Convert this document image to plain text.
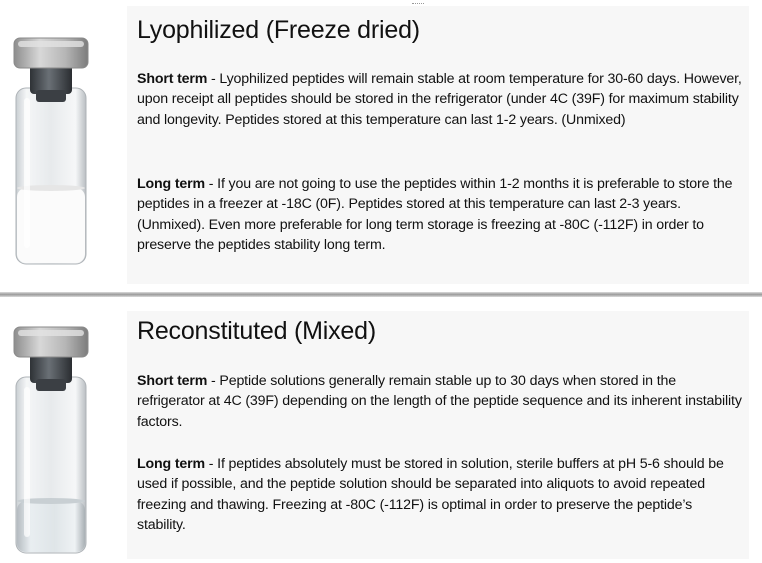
Lyophilized (Freeze dried)

Short term - Lyophilized peptides will remain stable at room temperature for 30-60 days. However, upon receipt all peptides should be stored in the refrigerator (under 4C (39F) for maximum stability and longevity. Peptides stored at this temperature can last 1-2 years. (Unmixed)

Long term - If you are not going to use the peptides within 1-2 months it is preferable to store the peptides in a freezer at -18C (0F). Peptides stored at this temperature can last 2-3 years. (Unmixed). Even more preferable for long term storage is freezing at -80C (-112F) in order to preserve the peptides stability long term.

Reconstituted (Mixed)

Short term - Peptide solutions generally remain stable up to 30 days when stored in the refrigerator at 4C (39F) depending on the length of the peptide sequence and its inherent instability factors.

Long term - If peptides absolutely must be stored in solution, sterile buffers at pH 5-6 should be used if possible, and the peptide solution should be separated into aliquots to avoid repeated freezing and thawing. Freezing at -80C (-112F) is optimal in order to preserve the peptide’s stability.
